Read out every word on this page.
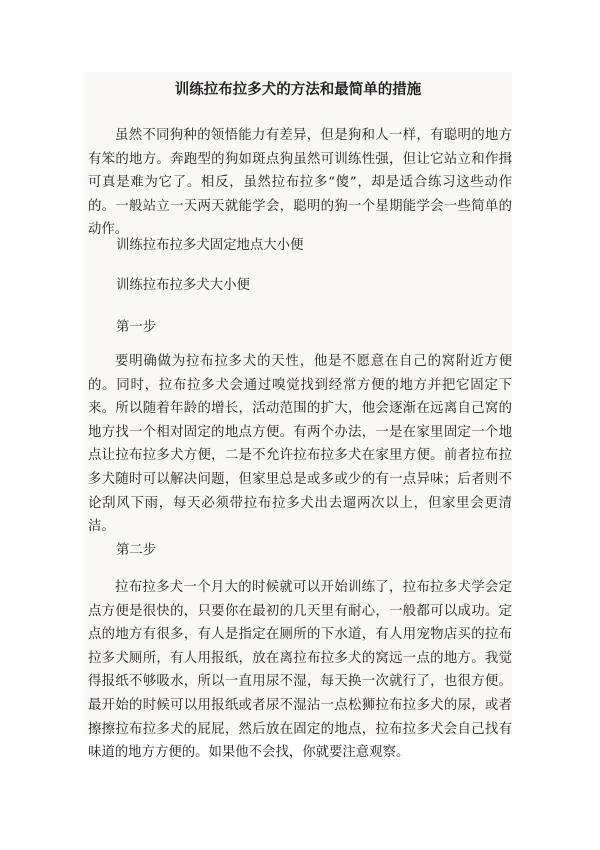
训练拉布拉多犬的方法和最简单的措施

虽然不同狗种的领悟能力有差异，但是狗和人一样，有聪明的地方有笨的地方。奔跑型的狗如斑点狗虽然可训练性强，但让它站立和作揖可真是难为它了。相反，虽然拉布拉多“傻”，却是适合练习这些动作的。一般站立一天两天就能学会，聪明的狗一个星期能学会一些简单的动作。

训练拉布拉多犬固定地点大小便

训练拉布拉多犬大小便

第一步

要明确做为拉布拉多犬的天性，他是不愿意在自己的窝附近方便的。同时，拉布拉多犬会通过嗅觉找到经常方便的地方并把它固定下来。所以随着年龄的增长，活动范围的扩大，他会逐渐在远离自己窝的地方找一个相对固定的地点方便。有两个办法，一是在家里固定一个地点让拉布拉多犬方便，二是不允许拉布拉多犬在家里方便。前者拉布拉多犬随时可以解决问题，但家里总是或多或少的有一点异味；后者则不论刮风下雨，每天必须带拉布拉多犬出去遛两次以上，但家里会更清洁。

第二步

拉布拉多犬一个月大的时候就可以开始训练了，拉布拉多犬学会定点方便是很快的，只要你在最初的几天里有耐心，一般都可以成功。定点的地方有很多，有人是指定在厕所的下水道，有人用宠物店买的拉布拉多犬厕所，有人用报纸，放在离拉布拉多犬的窝远一点的地方。我觉得报纸不够吸水，所以一直用尿不湿，每天换一次就行了，也很方便。最开始的时候可以用报纸或者尿不湿沾一点松狮拉布拉多犬的尿，或者擦擦拉布拉多犬的屁屁，然后放在固定的地点，拉布拉多犬会自己找有味道的地方方便的。如果他不会找，你就要注意观察。
